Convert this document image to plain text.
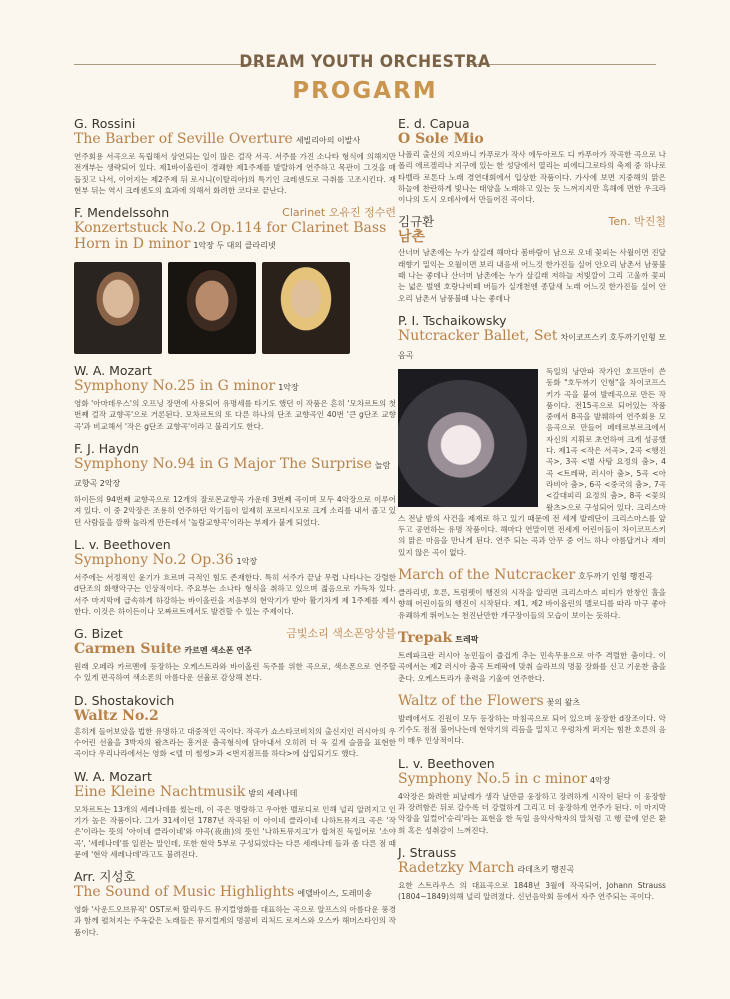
DREAM YOUTH ORCHESTRA
PROGARM
G. Rossini
The Barber of Seville Overture 세빌리아의 이발사
연주회용 서곡으로 독립해서 상연되는 일이 많은 걸작 서곡. 서주를 가진 소나타 형식에 의해지만 전개부는 생략되어 있다. 제1바이올린이 경쾌한 제1주제를 발랄하게 연주하고 목관이 그것을 매듭짓고 나서, 이어지는 제2주제 뒤 로시니(이탈리아)의 특기인 크레센도로 극취를 고조시킨다. 재현부 뒤는 역시 크레센도의 효과에 의해서 화려한 코다로 끝난다.
F. Mendelssohn	Clarinet 오유진 정수련
Konzertstuck No.2 Op.114 for Clarinet Bass Horn in D minor 1악장 두 대의 클라리넷
W. A. Mozart
Symphony No.25 in G minor 1악장
영화 '아마데우스'의 오프닝 장면에 사용되어 유명세를 타기도 했던 이 작품은 흔히 '모차르트의 첫 번째 걸작 교향곡'으로 거론된다. 모차르트의 또 다른 하나의 단조 교향곡인 40번 '큰 g단조 교향곡'과 비교해서 '작은 g단조 교향곡'이라고 불리기도 한다.
F. J. Haydn
Symphony No.94 in G Major The Surprise 놀람교향곡 2악장
하이든의 94번째 교향곡으로 12개의 잘로몬교향곡 가운데 3번째 곡이며 모두 4악장으로 이루어져 있다. 이 중 2악장은 조용히 연주하던 악기들이 일제히 포르티시모로 크게 소리를 내서 졸고 있던 사람들을 깜짝 놀라게 만든데서 '놀람교향곡'이라는 부제가 붙게 되었다.
L. v. Beethoven
Symphony No.2 Op.36 1악장
서주에는 서정적인 윤기가 흐르며 극적인 힘도 존재한다. 특히 서주가 끝날 무렵 나타나는 강렬한 d단조의 화행악구는 인상적이다. 주요부는 소나타 형식을 취하고 있으며 젊음으로 가득차 있다. 서주 마지막에 급속하게 하강하는 바이올린을 저음부의 현악기가 받아 활기차게 제 1주제를 제시한다. 이것은 하이든이나 모짜르트에서도 발견할 수 있는 주제이다.
G. Bizet	금빛소리 색소폰앙상블
Carmen Suite 카르멘 색소폰 연주
원래 오페라 카르멘에 등장하는 오케스트라와 바이올린 독주를 위한 곡으로, 색소폰으로 연주할 수 있게 편곡하여 색소폰의 아름다운 선율로 감상해 본다.
D. Shostakovich
Waltz No.2
흔히게 들어보았을 법한 유명하고 대중적인 곡이다. 작곡가 쇼스타코비치의 출신지인 러시아의 우수어린 선율을 3박자의 왈츠라는 흥겨운 춤곡형식에 담아내서 오히려 더 욱 깊게 슬픔을 표현한 곡이다 우리나라에서는 영화 <텔 미 썸썽>과 <번지점프를 하다>에 삽입되기도 했다.
W. A. Mozart
Eine Kleine Nachtmusik 밤의 세레나데
모차르트는 13개의 세레나데를 썼는데, 이 곡은 명랑하고 우아한 멜로디로 인해 널리 알려지고 인기가 높은 작품이다. 그가 31세이던 1787년 작곡된 이 아이네 클라이네 나하트뮤지크 곡은 '작은'이라는 뜻의 '아이네 클라이네'와 야곡(夜曲)의 뜻인 '나하트뮤지크'가 합쳐진 독일어로 '소야곡', '세레나데'를 일컫는 말인데, 또한 현악 5부로 구성되었다는 다른 세레나데 들과 좀 다른 점 때문에 '현악 세레나데'라고도 불려진다.
Arr. 지성호
The Sound of Music Highlights 에델바이스, 도레미송
영화 '사운드오브뮤직' OST로써 할리우드 뮤지컬영화를 대표하는 곡으로 알프스의 아름다운 풍경과 함께 펼쳐지는 주옥같은 노래들은 뮤지컬계의 명콤비 리처드 로저스와 오스카 해머스타인의 작품이다.
E. d. Capua
O Sole Mio
나폴리 출신의 지오바니 카푸로가 작사 에두아르도 디 카푸아가 작곡한 곡으로 나폴리 에르겔리나 지구에 있는 한 성당에서 열리는 피에디그로타의 축제 중 하나로 타벨라 로톤다 노래 경연대회에서 입상한 작품이다. 가사에 보면 지중해의 맑은 하늘에 찬란하게 빛나는 태양을 노래하고 있는 듯 느껴지지만 흑해에 면한 우크라이나의 도시 오데사에서 만들어진 곡이다.
김규환	Ten. 박진철
남촌
산너머 남촌에는 누가 살길래 해마다 봄바람이 남으로 오네 꽃피는 사월이면 진달래향기 밀익는 오월이면 보리 내음새 어느것 한가진들 실어 안오리 남촌서 남풍불때 나는 좋데나 산너머 남촌에는 누가 살길래 저하늘 저빛깔이 그리 고울까 꽃피는 넓은 벌엔 호랑나비떼 버들가 실개천엔 종달새 노래 어느것 한가진들 실어 안오리 남촌서 남풍불때 나는 좋데나
P. I. Tschaikowsky
Nutcracker Ballet, Set 차이코프스키 호두까기인형 모음곡
독일의 낭만파 작가인 호프만이 쓴 동화 "호두까기 인형"을 차이코프스키가 곡을 붙여 발레곡으로 만든 작품이다. 전15곡으로 되어있는 작품 중에서 8곡을 발췌하여 연주회용 모음곡으로 만들어 페테르부르크에서 자신의 지휘로 초연하여 크게 성공했다. 제1곡 <작은 서곡>, 2곡 <행진곡>, 3곡 <별 사탕 요정의 춤>, 4곡 <트레팍, 러시아 춤>, 5곡 <아라비아 춤>, 6곡 <중국의 춤>, 7곡 <갈대피리 요정의 춤>, 8곡 <꽃의 왈츠>으로 구성되어 있다. 크리스마스 전날 밤의 사건을 제재로 하고 있기 때문에 전 세계 발레단이 크리스마스를 앞두고 공연하는 유명 작품이다. 해마다 연말이면 전세계 어린이들이 차이코프스키의 맑은 마음을 만나게 된다. 연주 되는 곡과 안무 중 어느 하나 아름답거나 재미있지 않은 곡이 없다.
March of the Nutcracker 호두까기 인형 행진곡
클라리넷, 호른, 트럼펫이 행진의 시작을 알리면 크리스마스 피티가 한창인 홀을 향해 어린이들의 행진이 시작된다. 제1, 제2 바이올린의 멜로디를 따라 마구 좋아 유쾌하게 뛰어노는 천진난만한 개구장이들의 모습이 보이는 듯하다.
Trepak 트레팍
트레파크란 러시아 농민들이 즐겁게 추는 민속무용으로 아주 격렬한 춤이다. 이 곡에서는 제2 러시아 춤곡 트레팍에 맞춰 슬라브의 명물 장화를 신고 기운찬 춤을 춘다. 오케스트라가 총력을 기울여 연주한다.
Waltz of the Flowers 꽃의 왈츠
발레에서도 진원이 모두 등장하는 마침곡으로 되어 있으며 웅장한 d장조이다. 악기수도 점점 불어나는데 현악기의 리듬을 밀치고 우렁차게 퍼지는 힘찬 호른의 음이 매우 인상적이다.
L. v. Beethoven
Symphony No.5 in c minor 4악장
4악장은 화려한 피날레가 생각 날만큼 웅장하고 장려하게 시작이 된다 이 웅장함과 장려함은 뒤로 갈수록 더 강렬하게 그리고 더 웅장하게 연주가 된다. 이 마지막 악장을 일컬어'승리'라는 표현을 한 독일 음악사학자의 말처럼 고 행 끝에 얻은 환희 혹은 성취감이 느껴진다.
J. Strauss
Radetzky March 라데츠키 행진곡
요한 스트라우스 의 대표곡으로 1848년 3월에 작곡되어, Johann Strauss (1804~1849)의해 널리 알려졌다. 신년음악회 등에서 자주 연주되는 곡이다.
